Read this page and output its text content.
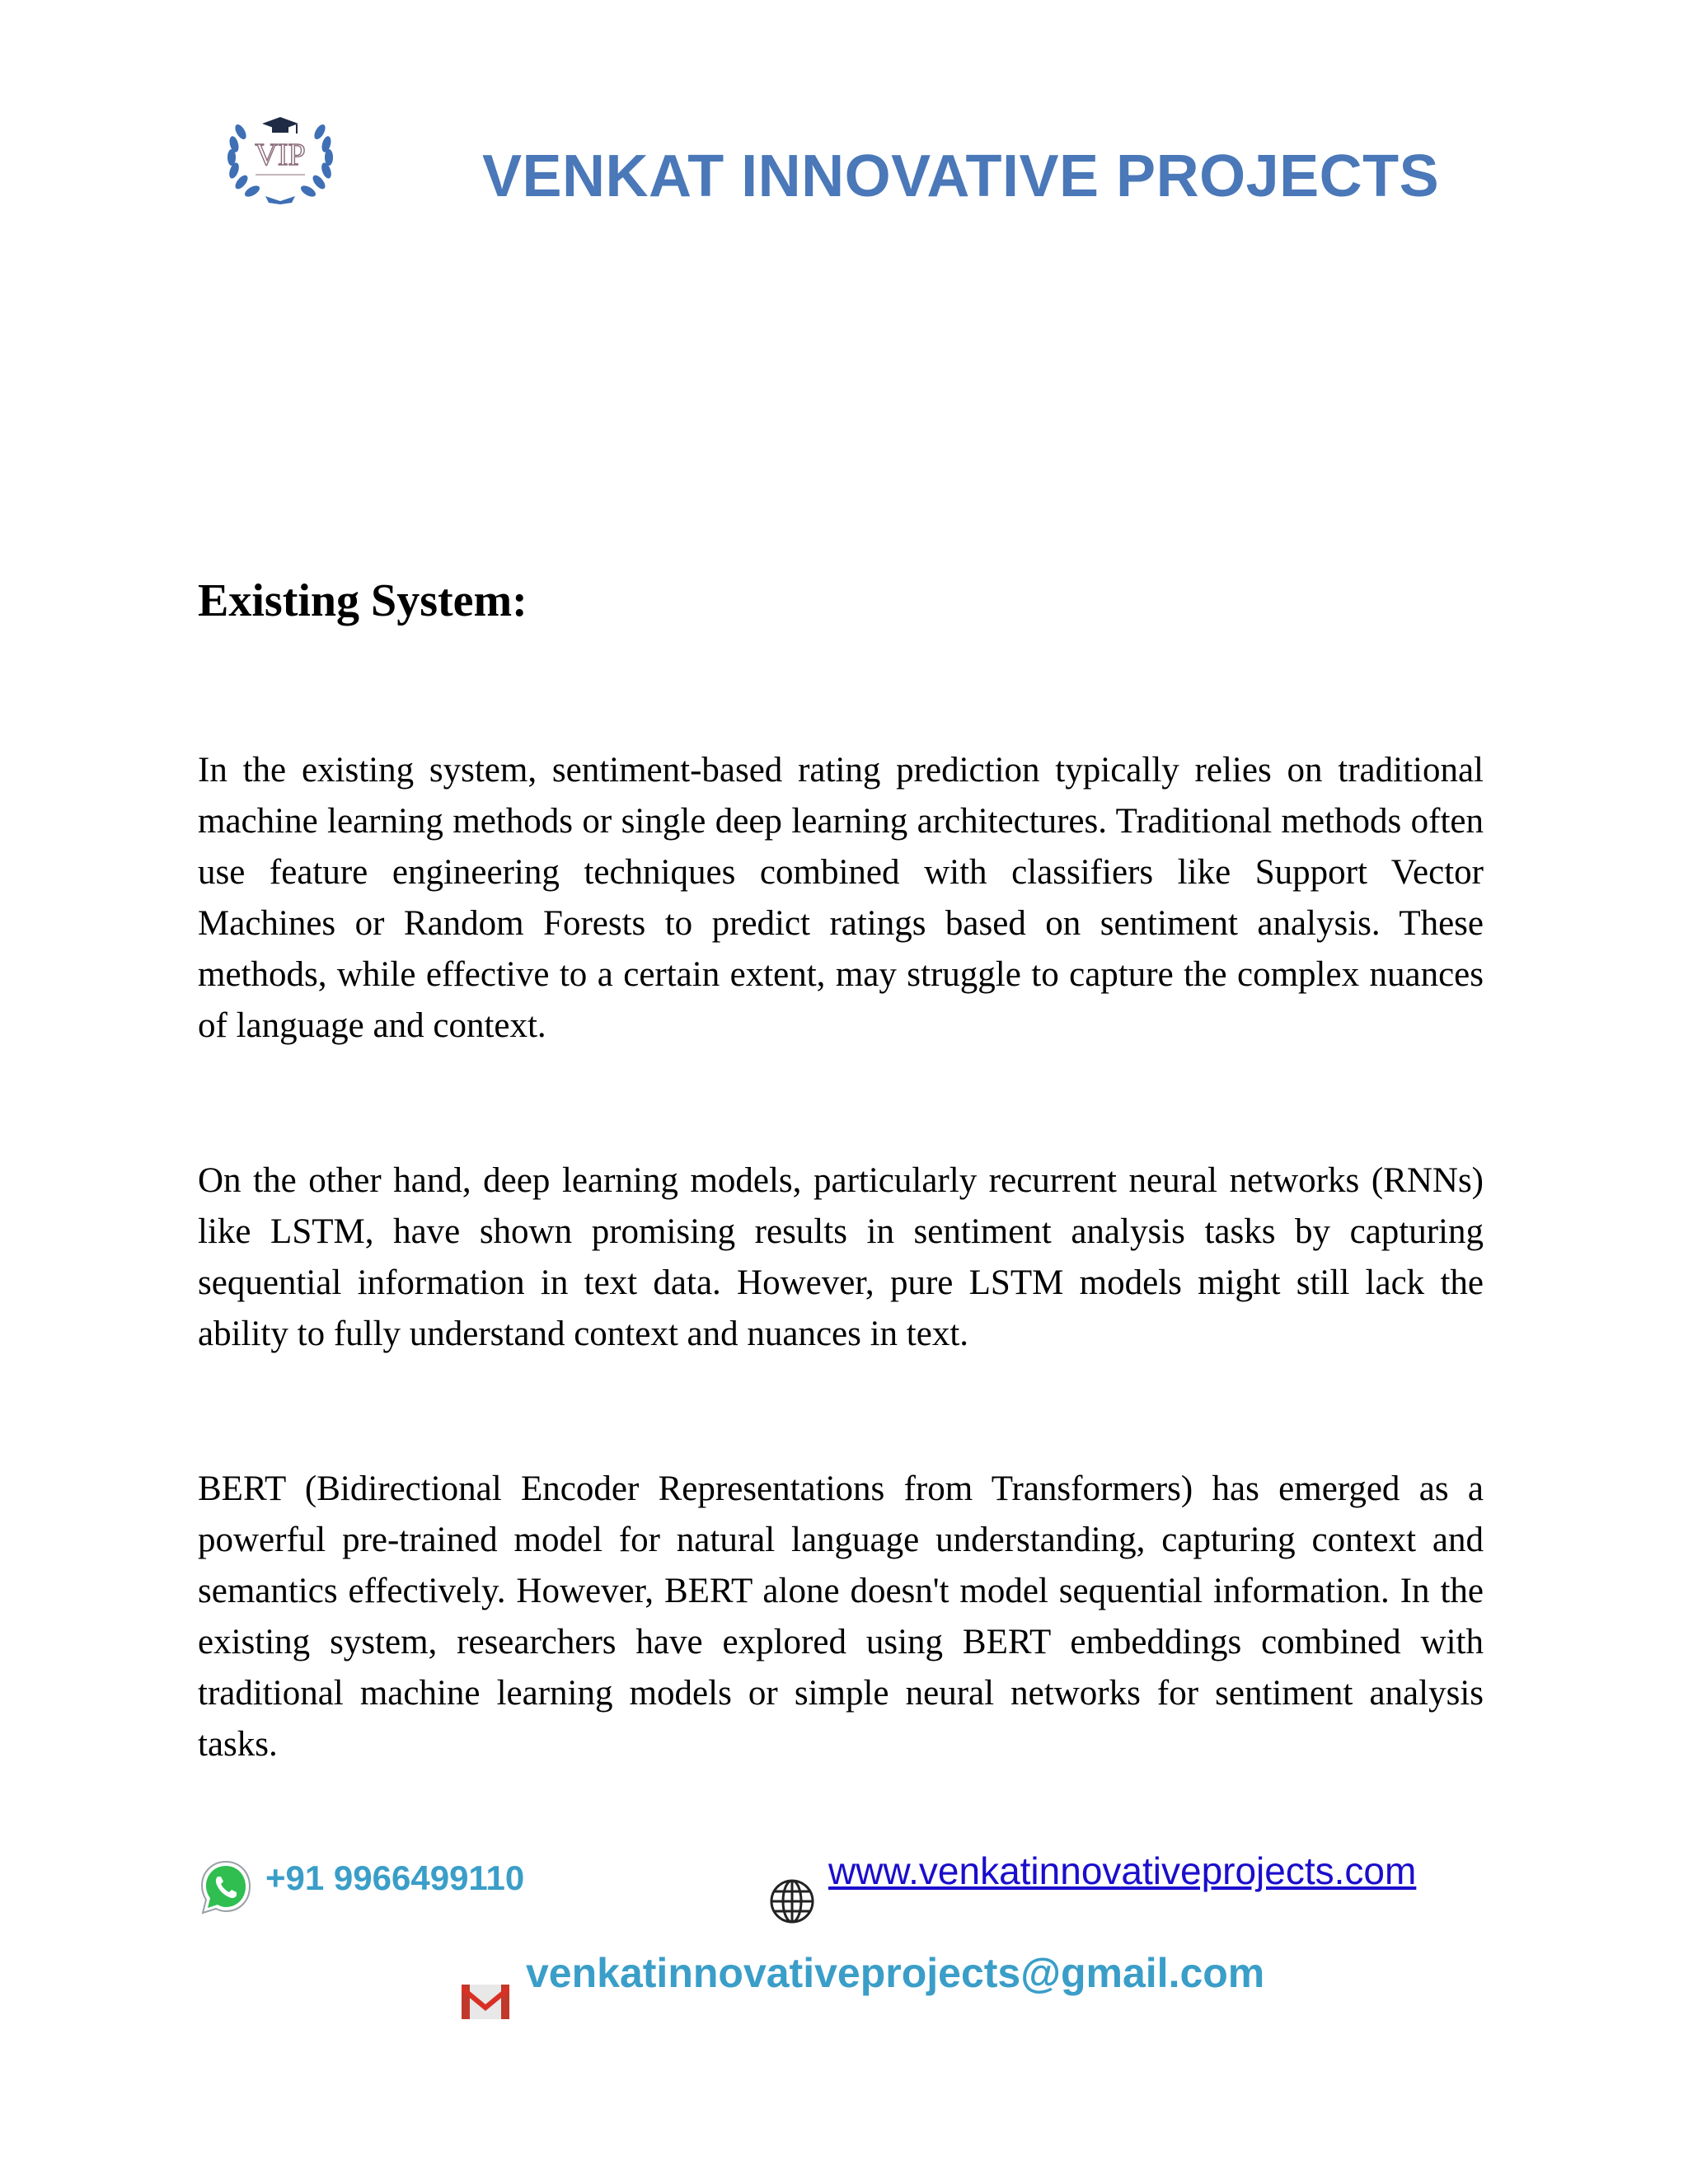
VIP	VENKAT INNOVATIVE PROJECTS
Existing System:

In the existing system, sentiment-based rating prediction typically relies on traditional machine learning methods or single deep learning architectures. Traditional methods often use feature engineering techniques combined with classifiers like Support Vector Machines or Random Forests to predict ratings based on sentiment analysis. These methods, while effective to a certain extent, may struggle to capture the complex nuances of language and context.

On the other hand, deep learning models, particularly recurrent neural networks (RNNs) like LSTM, have shown promising results in sentiment analysis tasks by capturing sequential information in text data. However, pure LSTM models might still lack the ability to fully understand context and nuances in text.

BERT (Bidirectional Encoder Representations from Transformers) has emerged as a powerful pre-trained model for natural language understanding, capturing context and semantics effectively. However, BERT alone doesn't model sequential information. In the existing system, researchers have explored using BERT embeddings combined with traditional machine learning models or simple neural networks for sentiment analysis tasks.

+91 9966499110	www.venkatinnovativeprojects.com
venkatinnovativeprojects@gmail.com
